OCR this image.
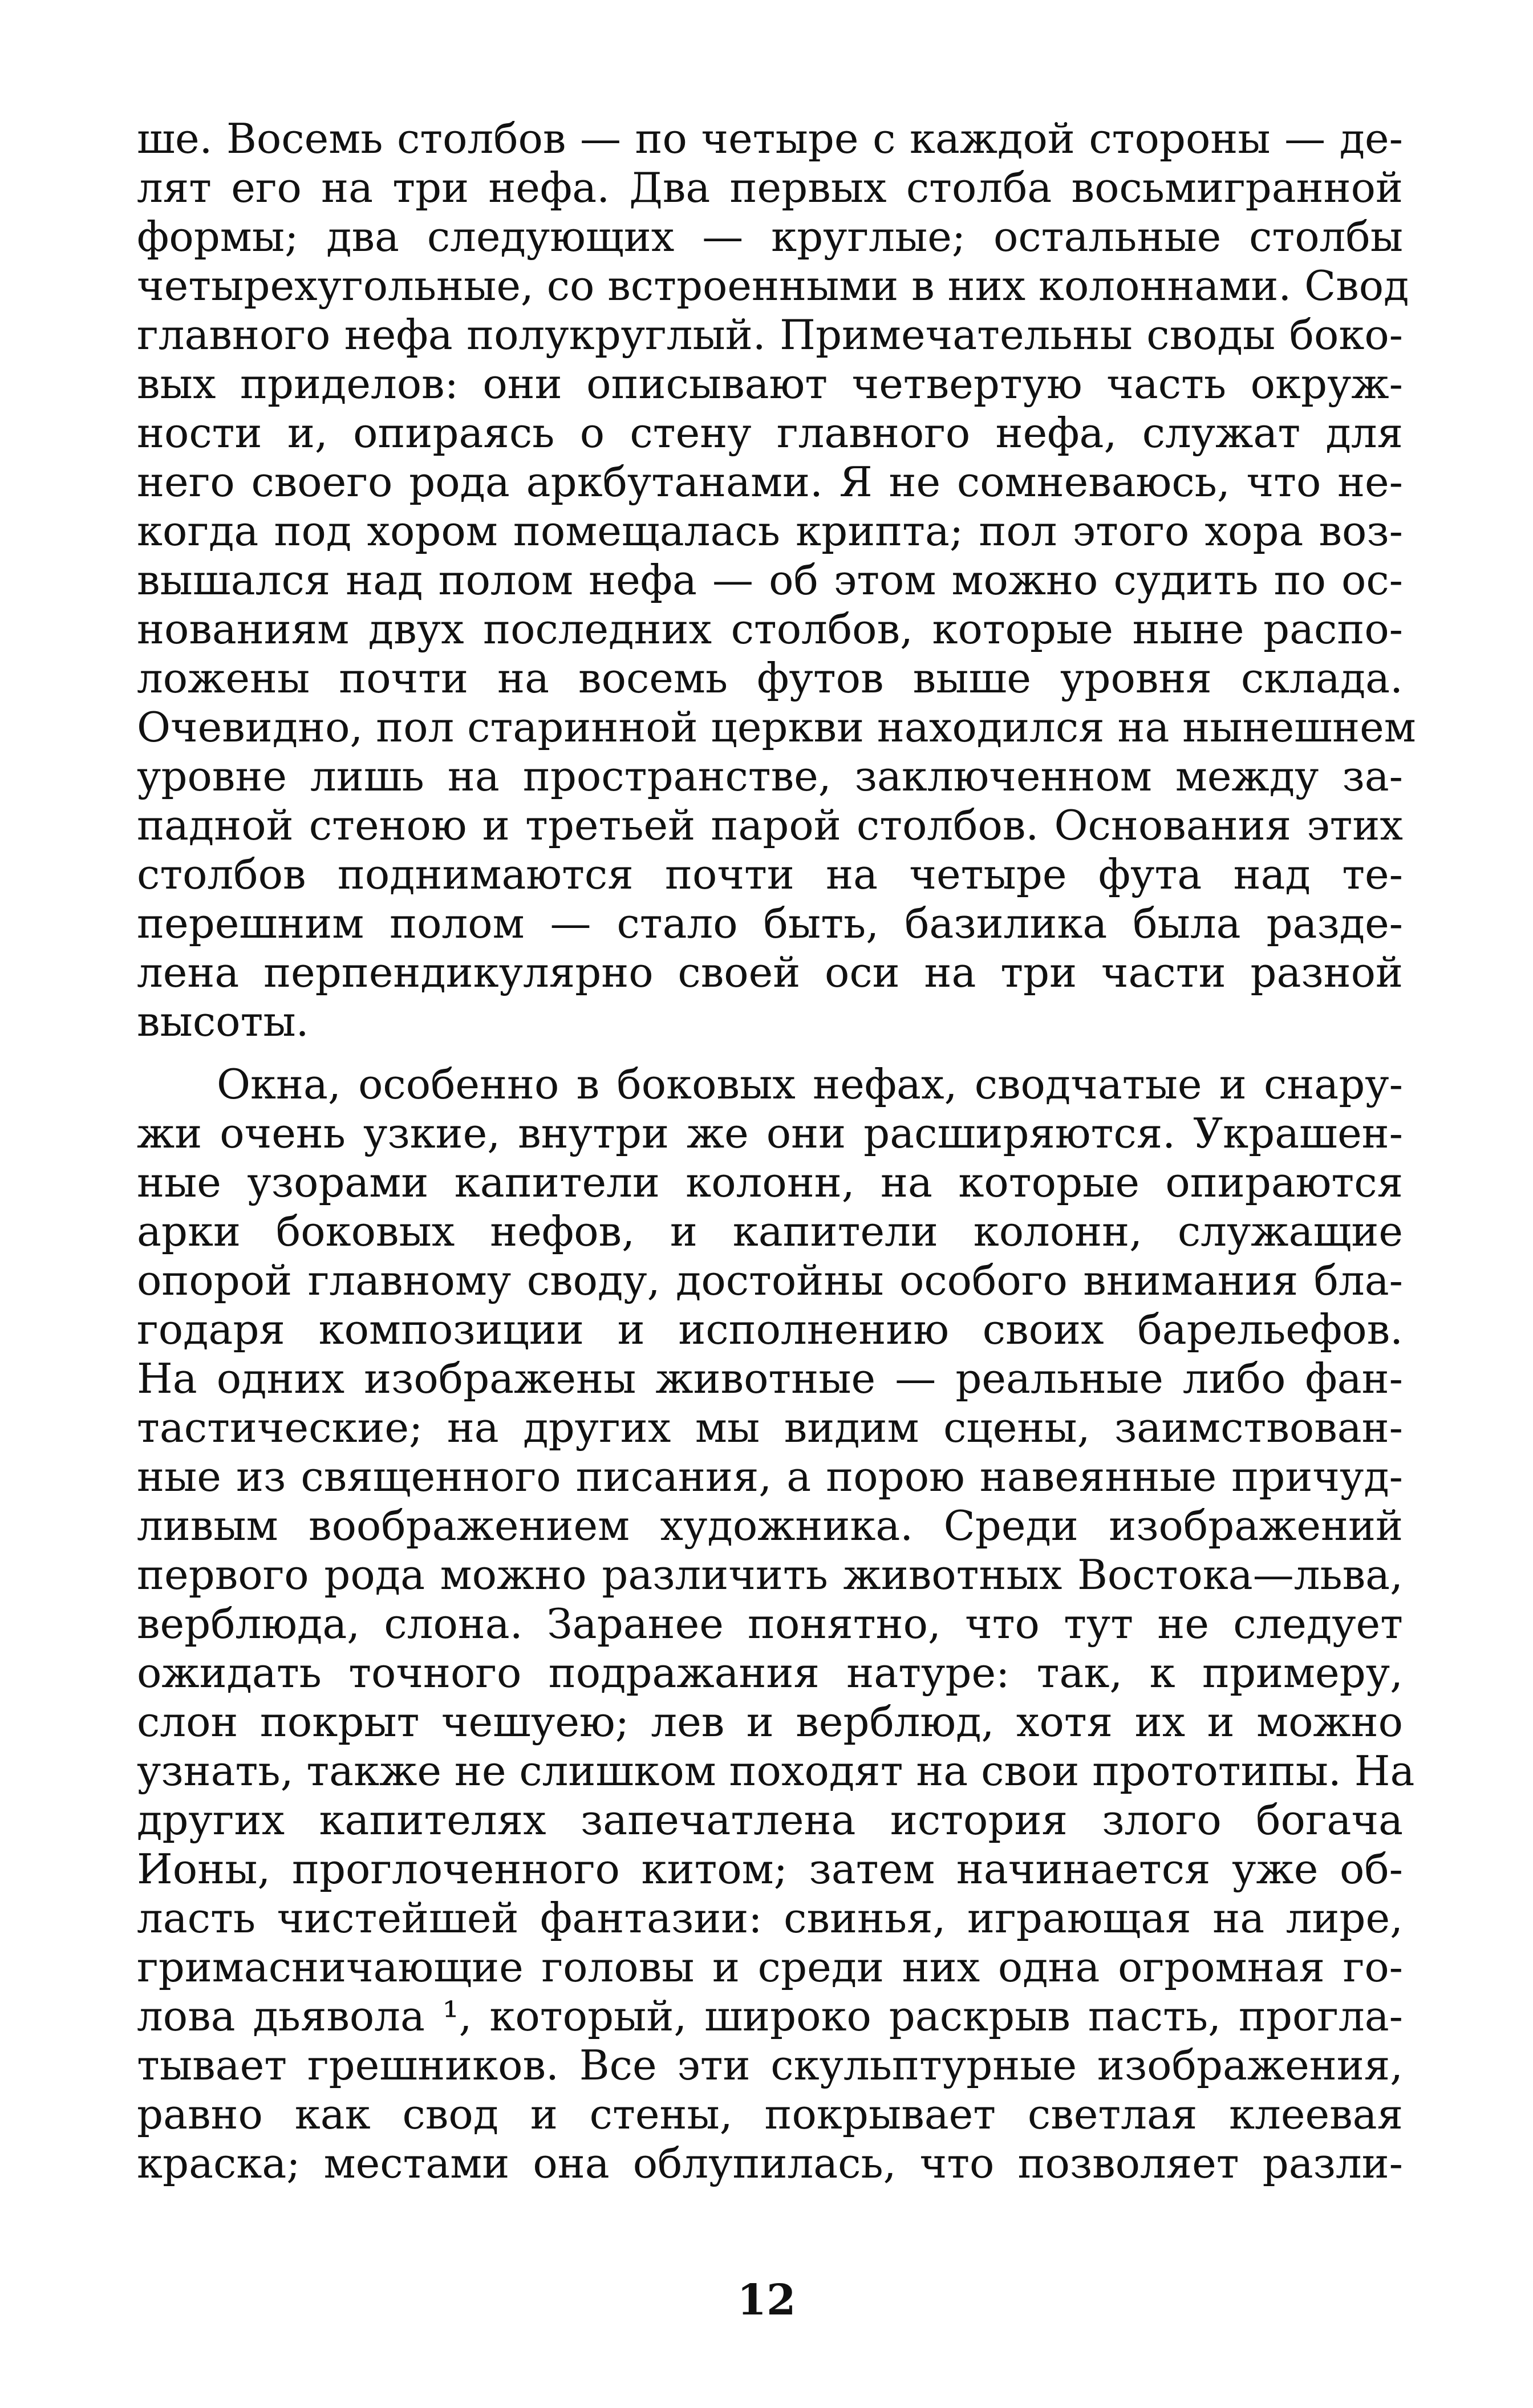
ше. Восемь столбов — по четыре с каждой стороны — де-
лят его на три нефа. Два первых столба восьмигранной
формы; два следующих — круглые; остальные столбы
четырехугольные, со встроенными в них колоннами. Свод
главного нефа полукруглый. Примечательны своды боко-
вых приделов: они описывают четвертую часть окруж-
ности и, опираясь о стену главного нефа, служат для
него своего рода аркбутанами. Я не сомневаюсь, что не-
когда под хором помещалась крипта; пол этого хора воз-
вышался над полом нефа — об этом можно судить по ос-
нованиям двух последних столбов, которые ныне распо-
ложены почти на восемь футов выше уровня склада.
Очевидно, пол старинной церкви находился на нынешнем
уровне лишь на пространстве, заключенном между за-
падной стеною и третьей парой столбов. Основания этих
столбов поднимаются почти на четыре фута над те-
перешним полом — стало быть, базилика была разде-
лена перпендикулярно своей оси на три части разной
высоты.
Окна, особенно в боковых нефах, сводчатые и снару-
жи очень узкие, внутри же они расширяются. Украшен-
ные узорами капители колонн, на которые опираются
арки боковых нефов, и капители колонн, служащие
опорой главному своду, достойны особого внимания бла-
годаря композиции и исполнению своих барельефов.
На одних изображены животные — реальные либо фан-
тастические; на других мы видим сцены, заимствован-
ные из священного писания, а порою навеянные причуд-
ливым воображением художника. Среди изображений
первого рода можно различить животных Востока—льва,
верблюда, слона. Заранее понятно, что тут не следует
ожидать точного подражания натуре: так, к примеру,
слон покрыт чешуею; лев и верблюд, хотя их и можно
узнать, также не слишком походят на свои прототипы. На
других капителях запечатлена история злого богача
Ионы, проглоченного китом; затем начинается уже об-
ласть чистейшей фантазии: свинья, играющая на лире,
гримасничающие головы и среди них одна огромная го-
лова дьявола ¹, который, широко раскрыв пасть, прогла-
тывает грешников. Все эти скульптурные изображения,
равно как свод и стены, покрывает светлая клеевая
краска; местами она облупилась, что позволяет разли-
12
